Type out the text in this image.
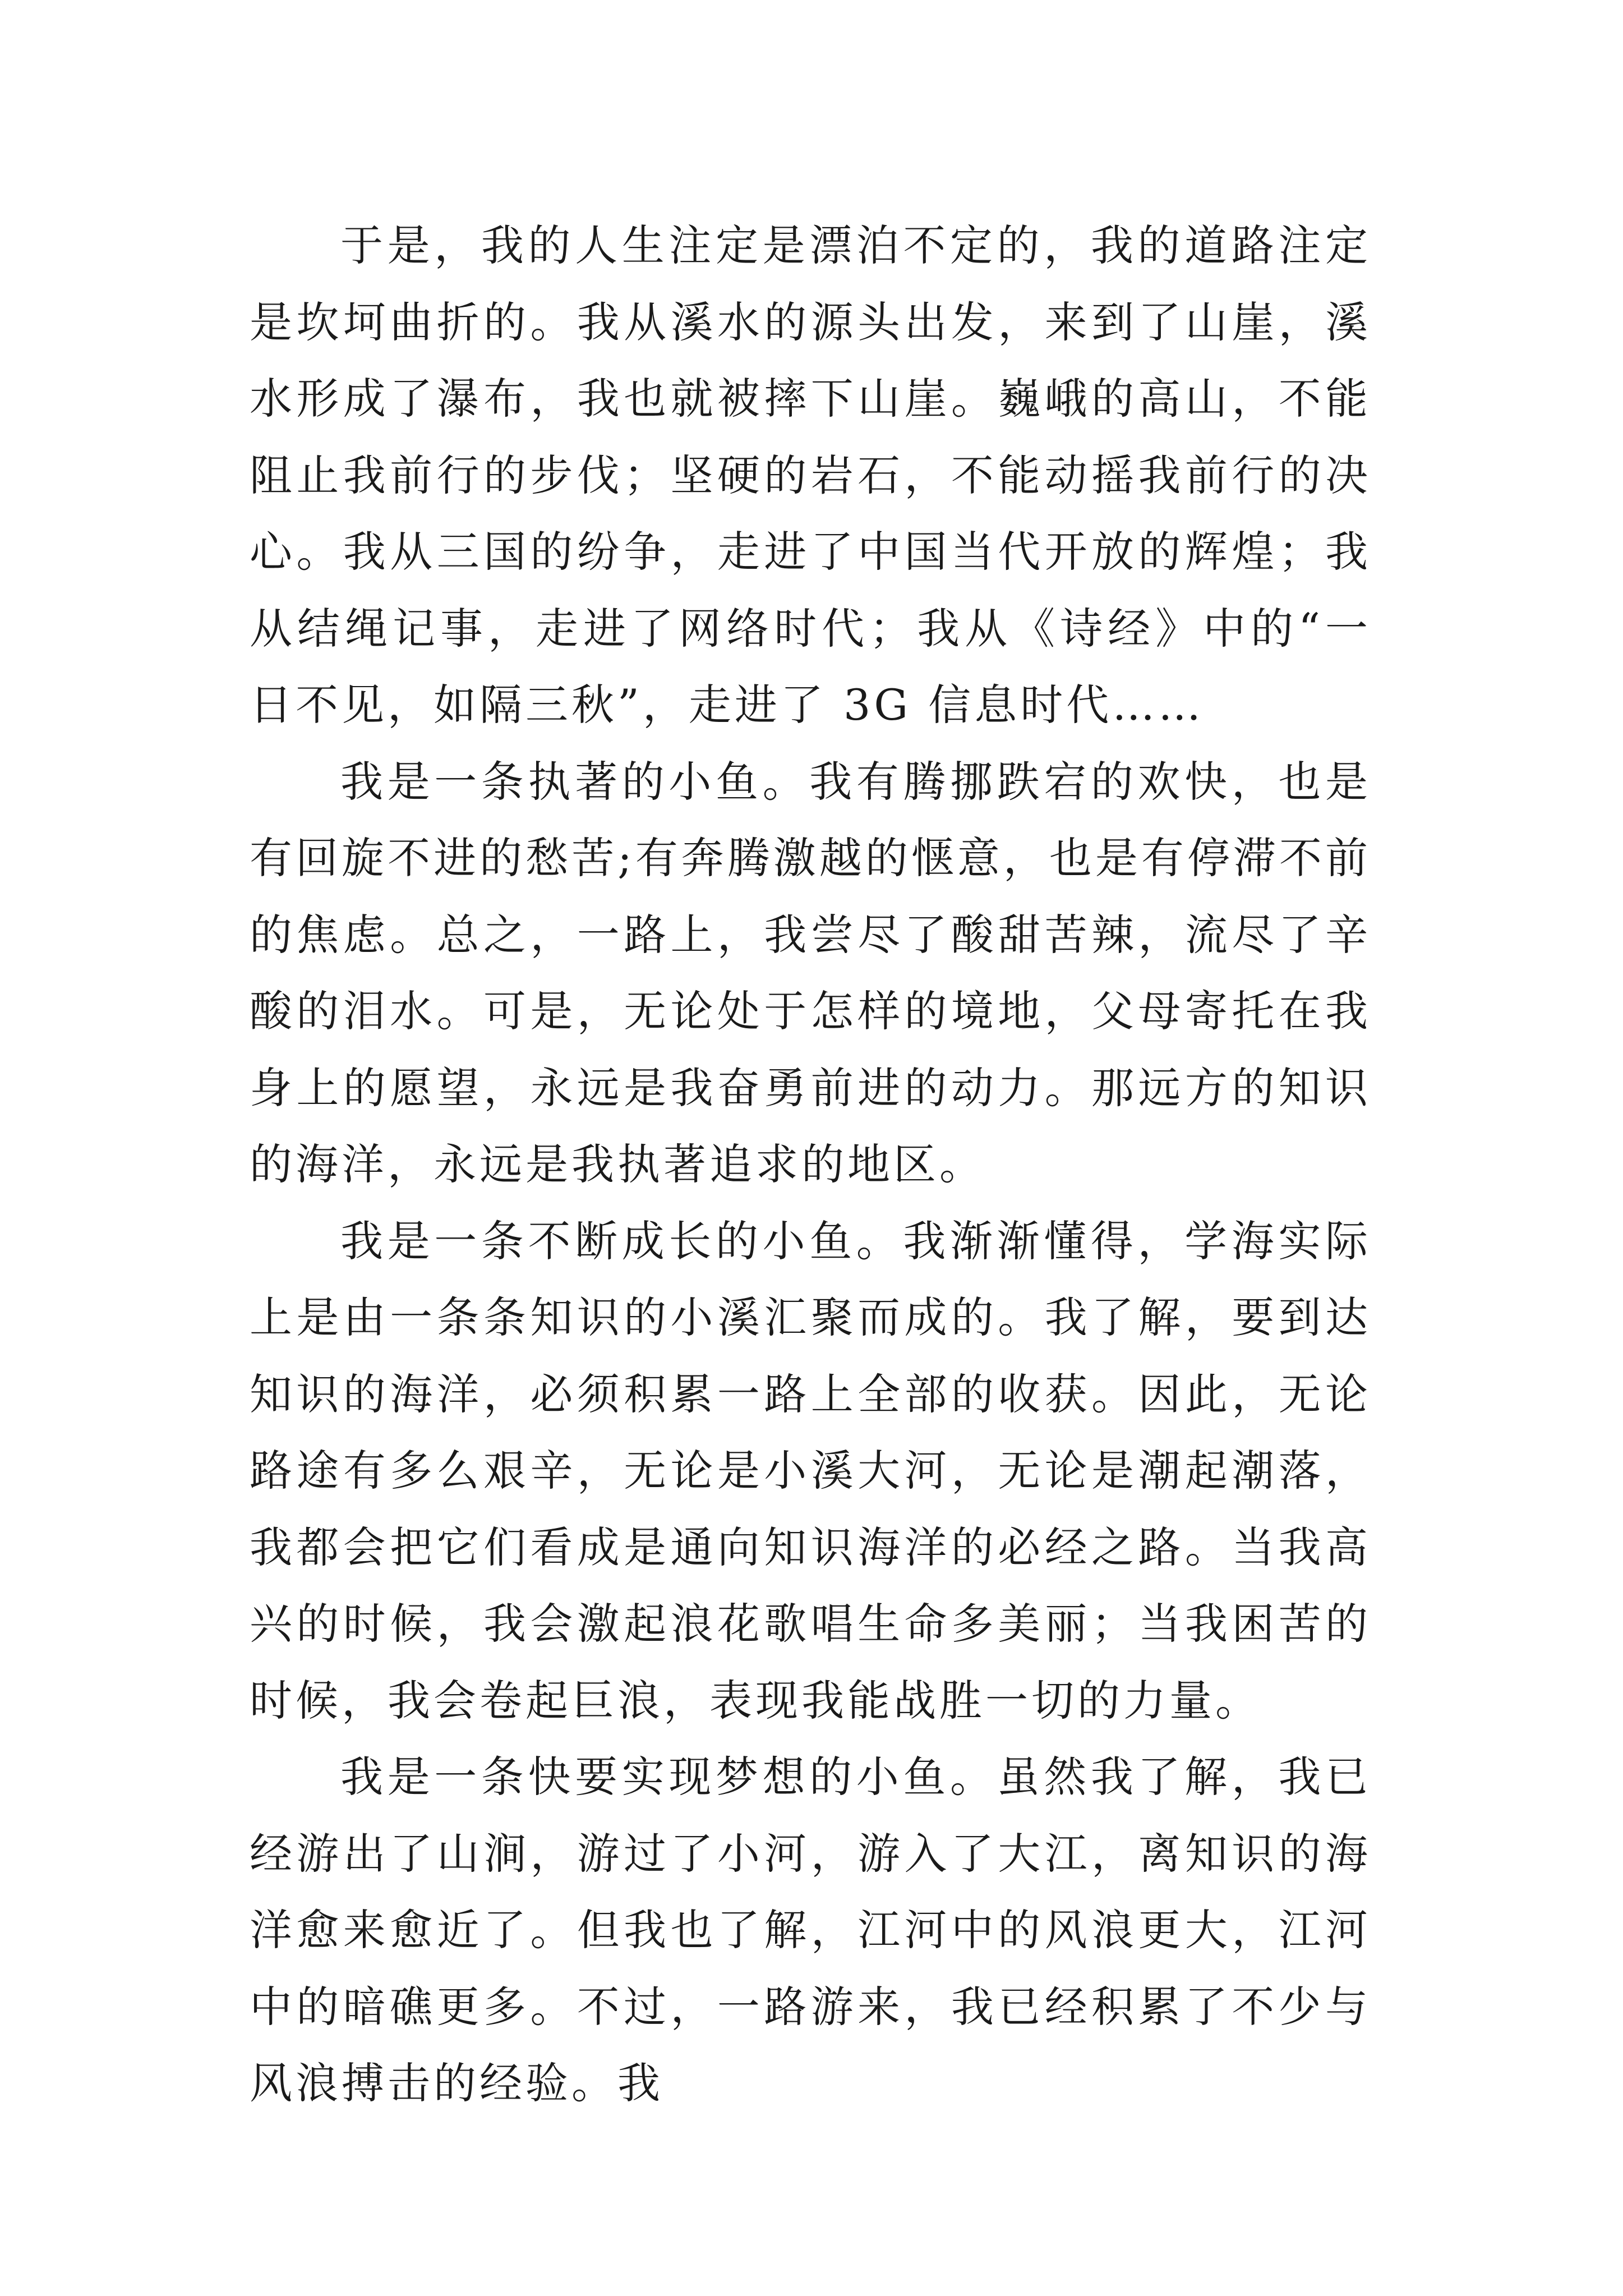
于是，我的人生注定是漂泊不定的，我的道路注定是坎坷曲折的。我从溪水的源头出发，来到了山崖，溪水形成了瀑布，我也就被摔下山崖。巍峨的高山，不能阻止我前行的步伐；坚硬的岩石，不能动摇我前行的决心。我从三国的纷争，走进了中国当代开放的辉煌；我从结绳记事，走进了网络时代；我从《诗经》中的“一日不见，如隔三秋”，走进了 3G 信息时代……

我是一条执著的小鱼。我有腾挪跌宕的欢快，也是有回旋不进的愁苦;有奔腾激越的惬意，也是有停滞不前的焦虑。总之，一路上，我尝尽了酸甜苦辣，流尽了辛酸的泪水。可是，无论处于怎样的境地，父母寄托在我身上的愿望，永远是我奋勇前进的动力。那远方的知识的海洋，永远是我执著追求的地区。

我是一条不断成长的小鱼。我渐渐懂得，学海实际上是由一条条知识的小溪汇聚而成的。我了解，要到达知识的海洋，必须积累一路上全部的收获。因此，无论路途有多么艰辛，无论是小溪大河，无论是潮起潮落，我都会把它们看成是通向知识海洋的必经之路。当我高兴的时候，我会激起浪花歌唱生命多美丽；当我困苦的时候，我会卷起巨浪，表现我能战胜一切的力量。

我是一条快要实现梦想的小鱼。虽然我了解，我已经游出了山涧，游过了小河，游入了大江，离知识的海洋愈来愈近了。但我也了解，江河中的风浪更大，江河中的暗礁更多。不过，一路游来，我已经积累了不少与风浪搏击的经验。我
